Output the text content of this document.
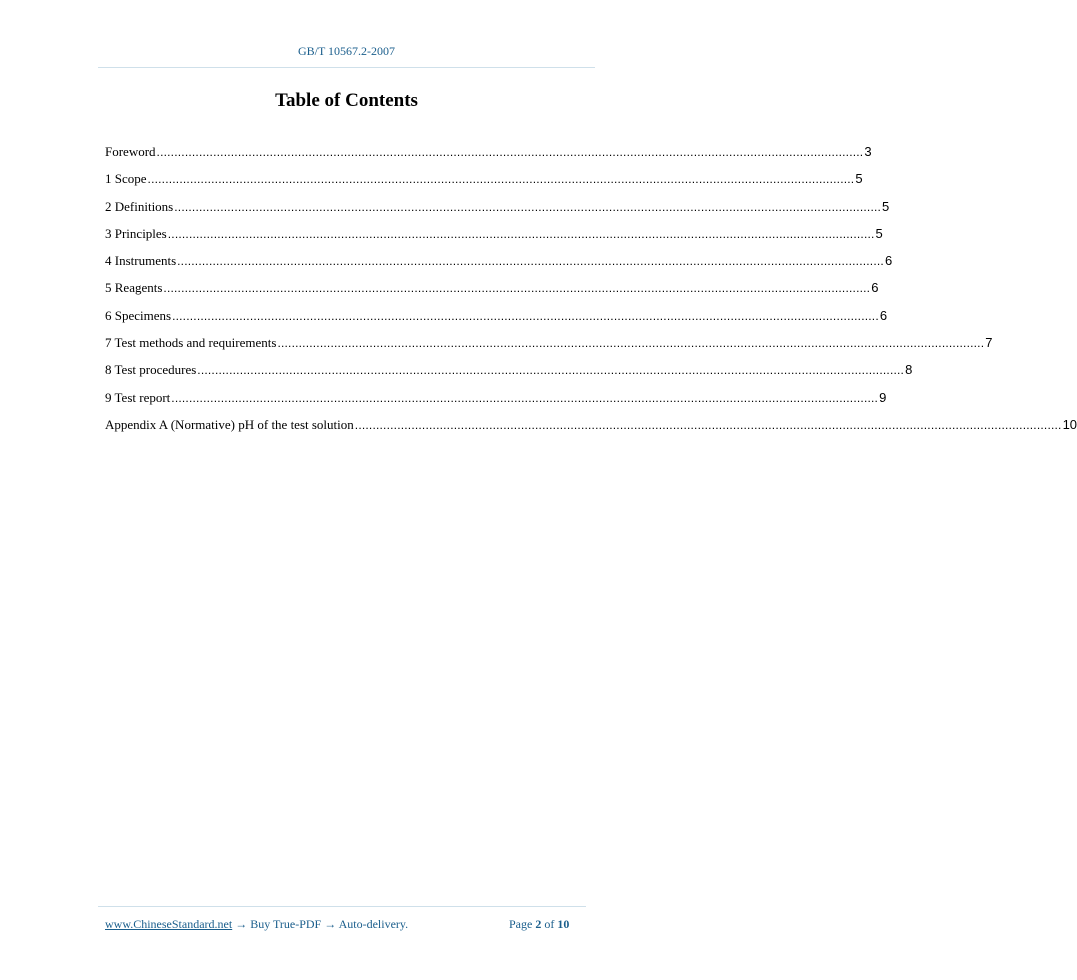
GB/T 10567.2-2007
Table of Contents
Foreword ........................................................................................................................................................................................................ 3
1 Scope ........................................................................................................................................................................................................ 5
2 Definitions ........................................................................................................................................................................................................ 5
3 Principles ........................................................................................................................................................................................................ 5
4 Instruments ........................................................................................................................................................................................................ 6
5 Reagents ........................................................................................................................................................................................................ 6
6 Specimens ........................................................................................................................................................................................................ 6
7 Test methods and requirements ........................................................................................................................................................................................................ 7
8 Test procedures ........................................................................................................................................................................................................ 8
9 Test report ........................................................................................................................................................................................................ 9
Appendix A (Normative) pH of the test solution ........................................................................................................................................................................................................ 10
www.ChineseStandard.net → Buy True-PDF → Auto-delivery.	Page 2 of 10
